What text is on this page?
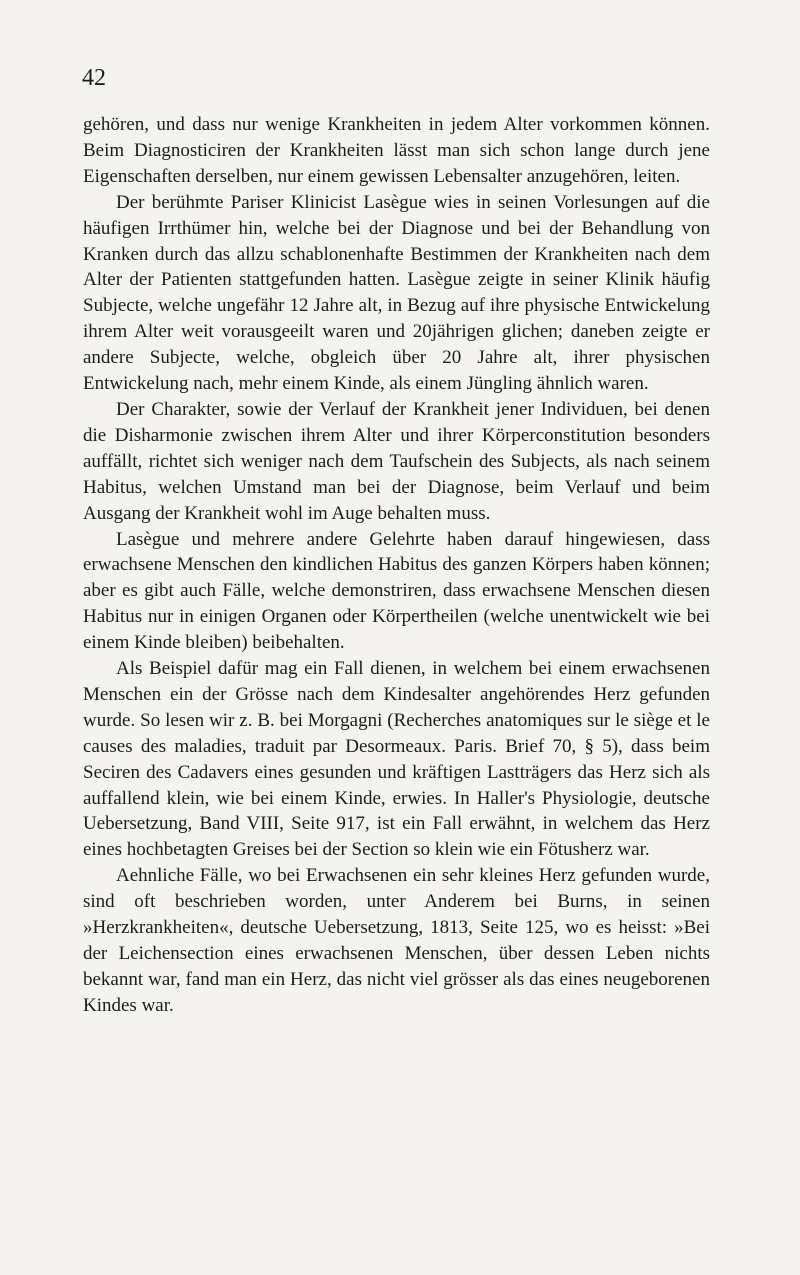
42

gehören, und dass nur wenige Krankheiten in jedem Alter vorkommen können. Beim Diagnosticiren der Krankheiten lässt man sich schon lange durch jene Eigenschaften derselben, nur einem gewissen Lebensalter anzugehören, leiten.

Der berühmte Pariser Klinicist Lasègue wies in seinen Vorlesungen auf die häufigen Irrthümer hin, welche bei der Diagnose und bei der Behandlung von Kranken durch das allzu schablonenhafte Bestimmen der Krankheiten nach dem Alter der Patienten stattgefunden hatten. Lasègue zeigte in seiner Klinik häufig Subjecte, welche ungefähr 12 Jahre alt, in Bezug auf ihre physische Entwickelung ihrem Alter weit vorausgeeilt waren und 20jährigen glichen; daneben zeigte er andere Subjecte, welche, obgleich über 20 Jahre alt, ihrer physischen Entwickelung nach, mehr einem Kinde, als einem Jüngling ähnlich waren.

Der Charakter, sowie der Verlauf der Krankheit jener Individuen, bei denen die Disharmonie zwischen ihrem Alter und ihrer Körperconstitution besonders auffällt, richtet sich weniger nach dem Taufschein des Subjects, als nach seinem Habitus, welchen Umstand man bei der Diagnose, beim Verlauf und beim Ausgang der Krankheit wohl im Auge behalten muss.

Lasègue und mehrere andere Gelehrte haben darauf hingewiesen, dass erwachsene Menschen den kindlichen Habitus des ganzen Körpers haben können; aber es gibt auch Fälle, welche demonstriren, dass erwachsene Menschen diesen Habitus nur in einigen Organen oder Körpertheilen (welche unentwickelt wie bei einem Kinde bleiben) beibehalten.

Als Beispiel dafür mag ein Fall dienen, in welchem bei einem erwachsenen Menschen ein der Grösse nach dem Kindesalter angehörendes Herz gefunden wurde. So lesen wir z. B. bei Morgagni (Recherches anatomiques sur le siège et le causes des maladies, traduit par Desormeaux. Paris. Brief 70, § 5), dass beim Seciren des Cadavers eines gesunden und kräftigen Lastträgers das Herz sich als auffallend klein, wie bei einem Kinde, erwies. In Haller's Physiologie, deutsche Uebersetzung, Band VIII, Seite 917, ist ein Fall erwähnt, in welchem das Herz eines hochbetagten Greises bei der Section so klein wie ein Fötusherz war.

Aehnliche Fälle, wo bei Erwachsenen ein sehr kleines Herz gefunden wurde, sind oft beschrieben worden, unter Anderem bei Burns, in seinen »Herzkrankheiten«, deutsche Uebersetzung, 1813, Seite 125, wo es heisst: »Bei der Leichensection eines erwachsenen Menschen, über dessen Leben nichts bekannt war, fand man ein Herz, das nicht viel grösser als das eines neugeborenen Kindes war.
